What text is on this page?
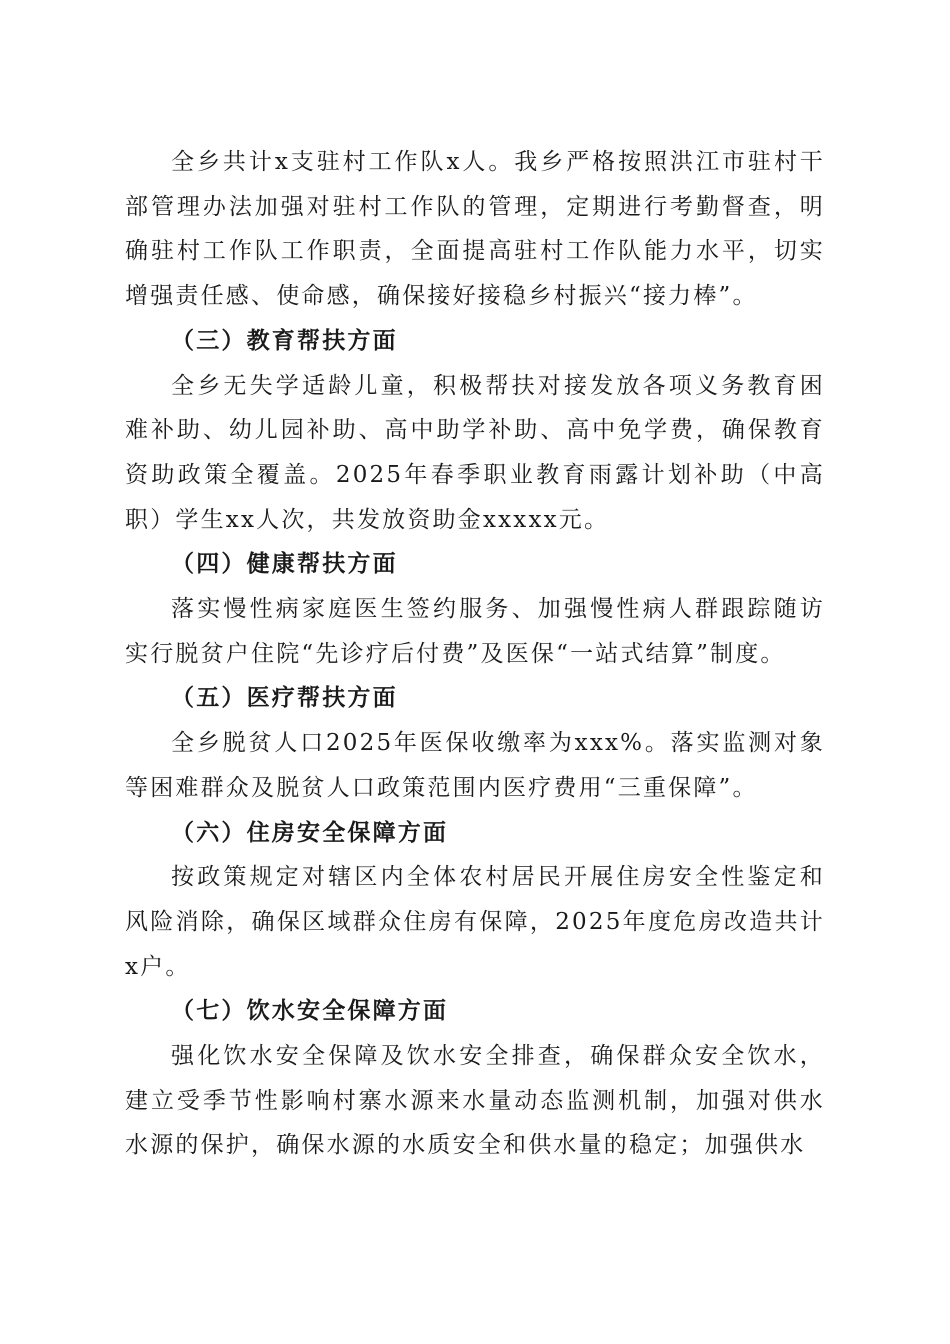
全乡共计x支驻村工作队x人。我乡严格按照洪江市驻村干部管理办法加强对驻村工作队的管理，定期进行考勤督查，明确驻村工作队工作职责，全面提高驻村工作队能力水平，切实增强责任感、使命感，确保接好接稳乡村振兴“接力棒”。

（三）教育帮扶方面

全乡无失学适龄儿童，积极帮扶对接发放各项义务教育困难补助、幼儿园补助、高中助学补助、高中免学费，确保教育资助政策全覆盖。2025年春季职业教育雨露计划补助（中高职）学生xx人次，共发放资助金xxxxx元。

（四）健康帮扶方面

落实慢性病家庭医生签约服务、加强慢性病人群跟踪随访实行脱贫户住院“先诊疗后付费”及医保“一站式结算”制度。

（五）医疗帮扶方面

全乡脱贫人口2025年医保收缴率为xxx%。落实监测对象等困难群众及脱贫人口政策范围内医疗费用“三重保障”。

（六）住房安全保障方面

按政策规定对辖区内全体农村居民开展住房安全性鉴定和风险消除，确保区域群众住房有保障，2025年度危房改造共计x户。

（七）饮水安全保障方面

强化饮水安全保障及饮水安全排查，确保群众安全饮水，建立受季节性影响村寨水源来水量动态监测机制，加强对供水水源的保护，确保水源的水质安全和供水量的稳定；加强供水
